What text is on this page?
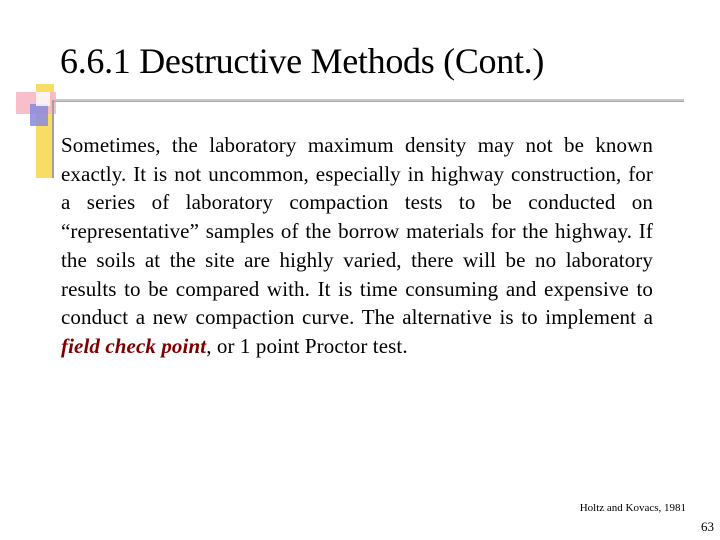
6.6.1 Destructive Methods (Cont.)
Sometimes, the laboratory maximum density may not be known exactly. It is not uncommon, especially in highway construction, for a series of laboratory compaction tests to be conducted on “representative” samples of the borrow materials for the highway. If the soils at the site are highly varied, there will be no laboratory results to be compared with. It is time consuming and expensive to conduct a new compaction curve. The alternative is to implement a field check point, or 1 point Proctor test.
Holtz and Kovacs, 1981
63
